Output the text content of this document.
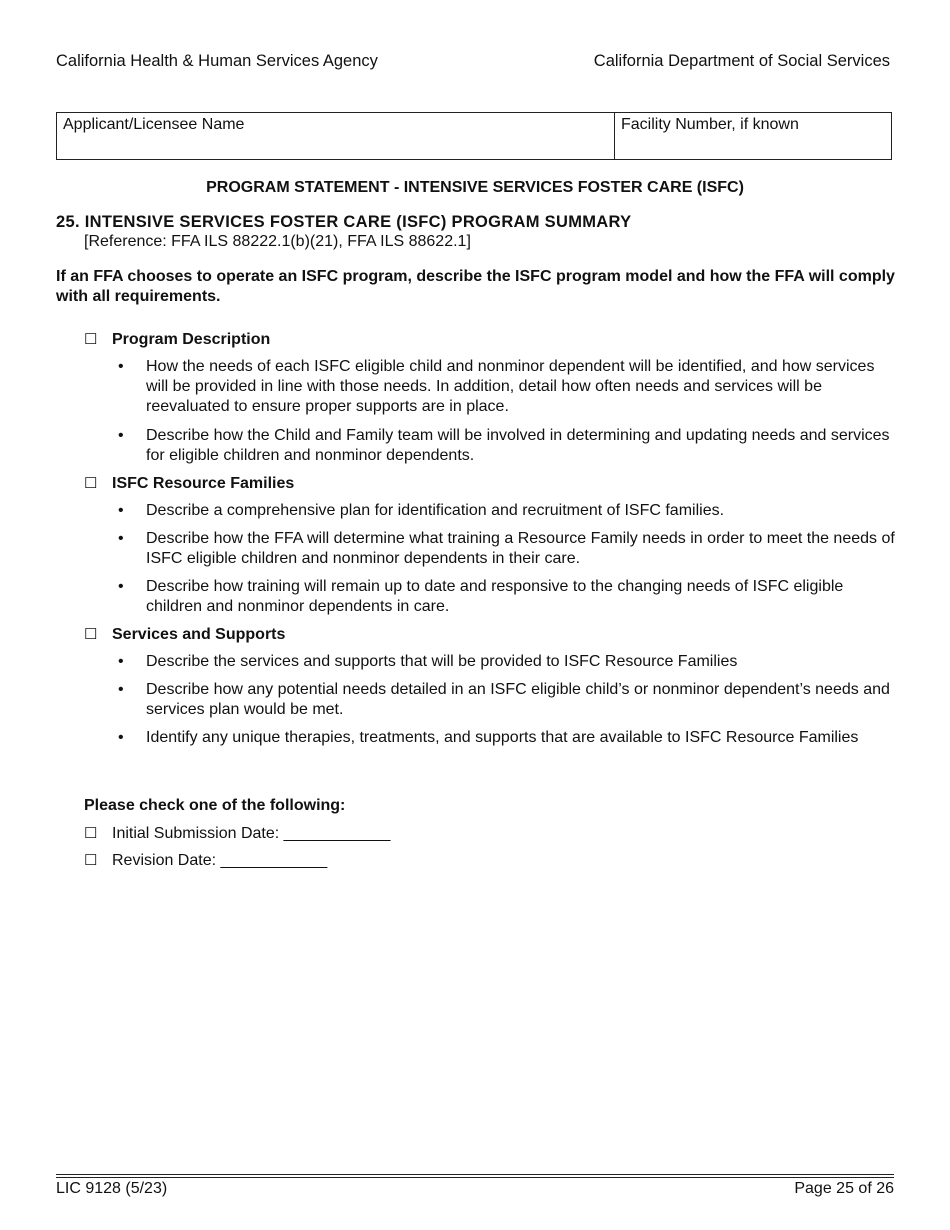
California Health & Human Services Agency	California Department of Social Services
Applicant/Licensee Name	Facility Number, if known
PROGRAM STATEMENT - INTENSIVE SERVICES FOSTER CARE (ISFC)
25. INTENSIVE SERVICES FOSTER CARE (ISFC) PROGRAM SUMMARY
[Reference: FFA ILS 88222.1(b)(21), FFA ILS 88622.1]
If an FFA chooses to operate an ISFC program, describe the ISFC program model and how the FFA will comply with all requirements.
☐ Program Description
•	How the needs of each ISFC eligible child and nonminor dependent will be identified, and how services will be provided in line with those needs. In addition, detail how often needs and services will be reevaluated to ensure proper supports are in place.
•	Describe how the Child and Family team will be involved in determining and updating needs and services for eligible children and nonminor dependents.
☐ ISFC Resource Families
•	Describe a comprehensive plan for identification and recruitment of ISFC families.
•	Describe how the FFA will determine what training a Resource Family needs in order to meet the needs of ISFC eligible children and nonminor dependents in their care.
•	Describe how training will remain up to date and responsive to the changing needs of ISFC eligible children and nonminor dependents in care.
☐ Services and Supports
•	Describe the services and supports that will be provided to ISFC Resource Families
•	Describe how any potential needs detailed in an ISFC eligible child’s or nonminor dependent’s needs and services plan would be met.
•	Identify any unique therapies, treatments, and supports that are available to ISFC Resource Families
Please check one of the following:
☐ Initial Submission Date: ____________
☐ Revision Date: ____________
LIC 9128 (5/23)	Page 25 of 26
